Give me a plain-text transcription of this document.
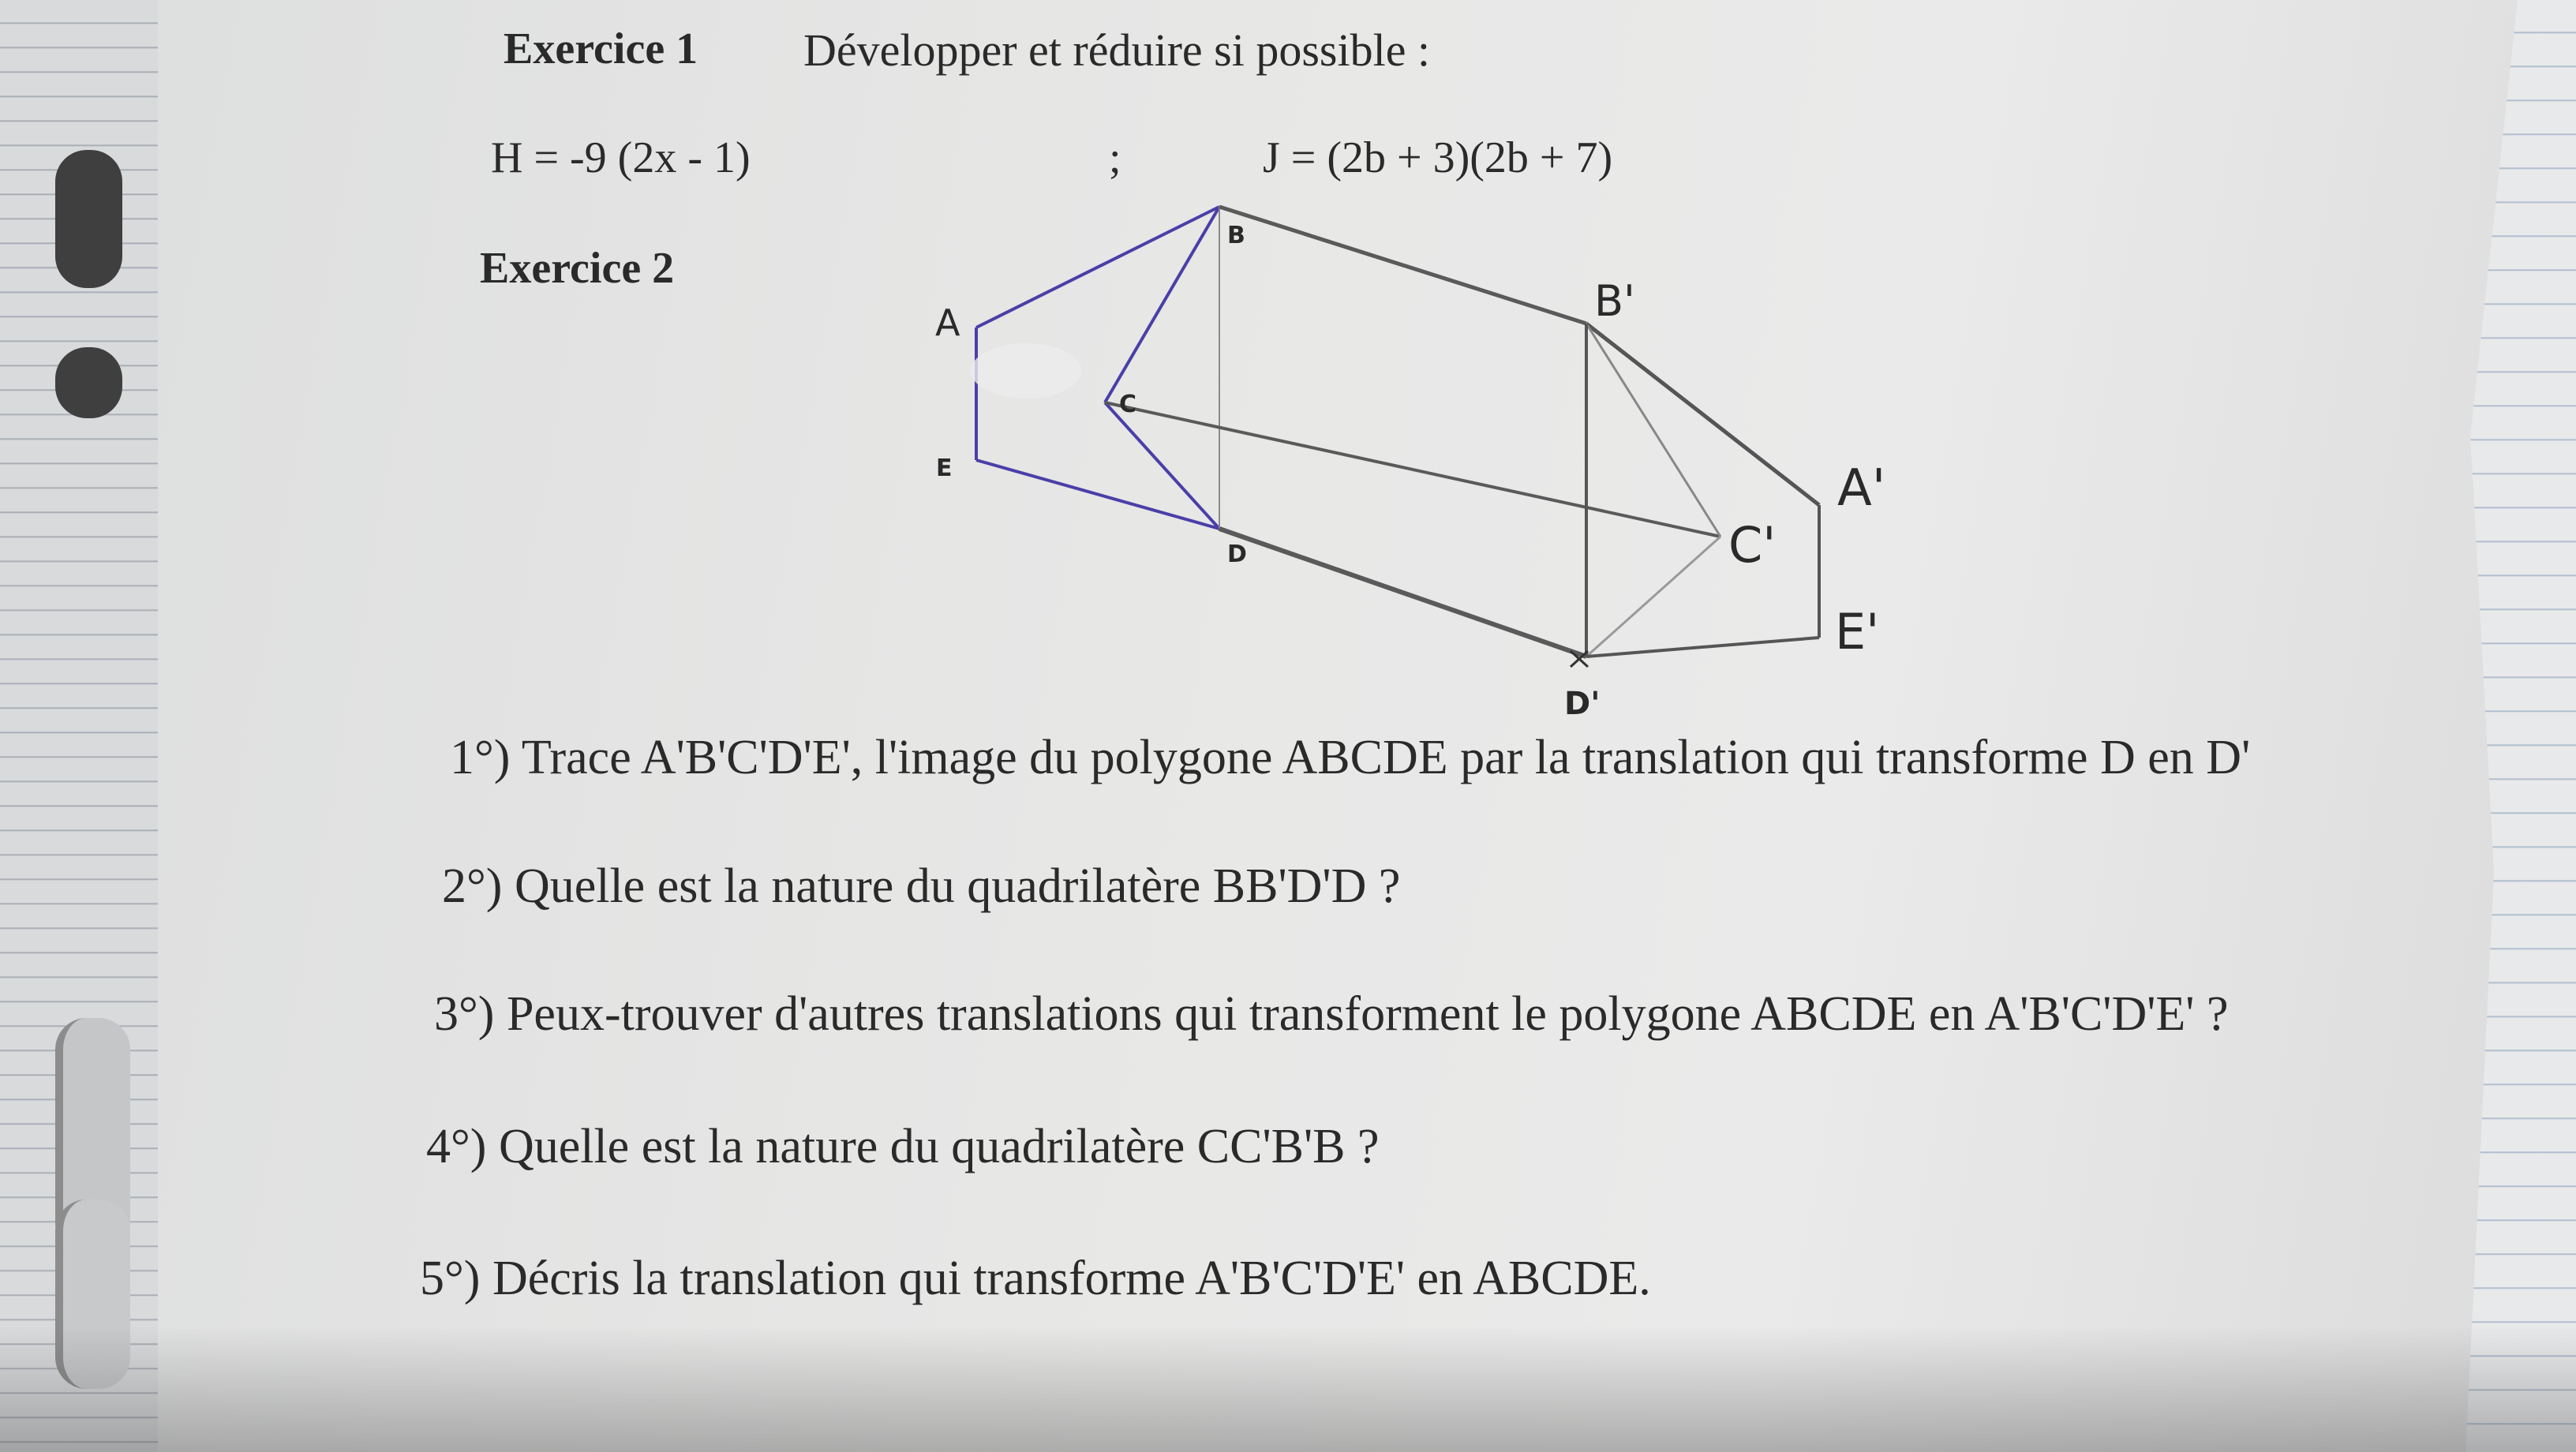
Exercice 1 Développer et réduire si possible :
H = -9 (2x - 1)	;	J = (2b + 3)(2b + 7)
Exercice 2
A
B
C
D
E	A'
B'
C'
D'
E'
1°) Trace A'B'C'D'E', l'image du polygone ABCDE par la translation qui transforme D en D'
2°) Quelle est la nature du quadrilatère BB'D'D ?
3°) Peux-trouver d'autres translations qui transforment le polygone ABCDE en A'B'C'D'E' ?
4°) Quelle est la nature du quadrilatère CC'B'B ?
5°) Décris la translation qui transforme A'B'C'D'E' en ABCDE.
